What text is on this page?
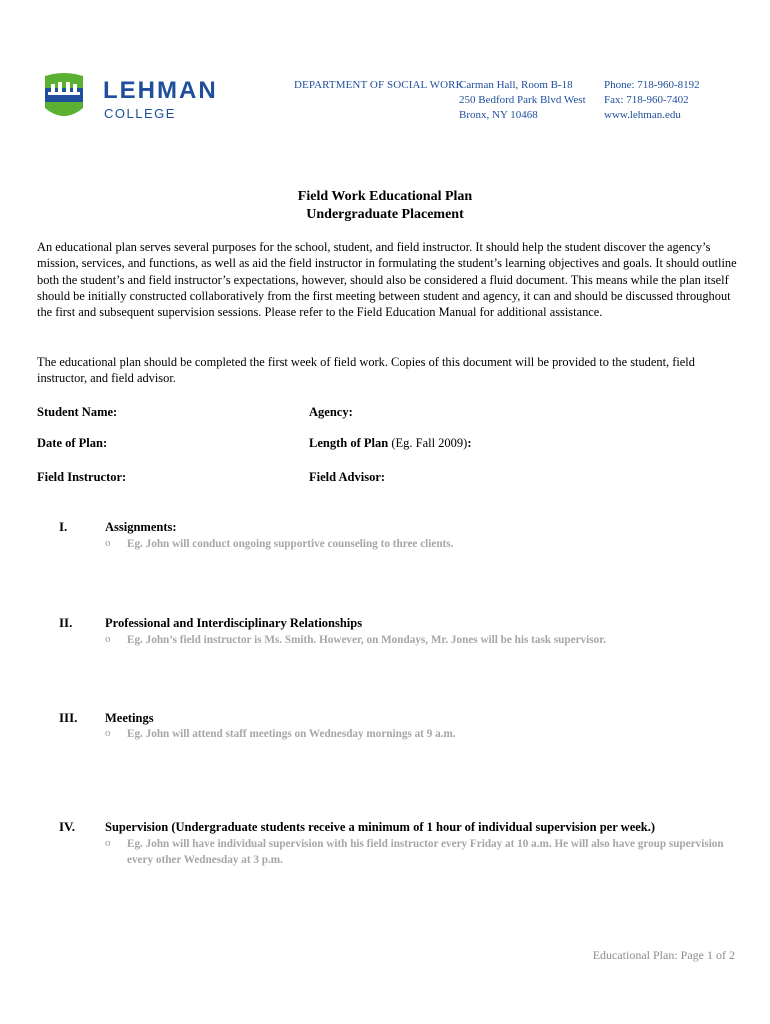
LEHMAN
COLLEGE
DEPARTMENT OF SOCIAL WORK
Carman Hall, Room B-18
250 Bedford Park Blvd West
Bronx, NY 10468
Phone: 718-960-8192
Fax: 718-960-7402
www.lehman.edu
Field Work Educational Plan
Undergraduate Placement
An educational plan serves several purposes for the school, student, and field instructor. It should help the student discover the agency’s mission, services, and functions, as well as aid the field instructor in formulating the student’s learning objectives and goals. It should outline both the student’s and field instructor’s expectations, however, should also be considered a fluid document. This means while the plan itself should be initially constructed collaboratively from the first meeting between student and agency, it can and should be discussed throughout the first and subsequent supervision sessions. Please refer to the Field Education Manual for additional assistance.
The educational plan should be completed the first week of field work. Copies of this document will be provided to the student, field instructor, and field advisor.
Student Name:	Agency:
Date of Plan:	Length of Plan (Eg. Fall 2009):
Field Instructor:	Field Advisor:
I.	Assignments:
o Eg. John will conduct ongoing supportive counseling to three clients.
II.	Professional and Interdisciplinary Relationships
o Eg. John’s field instructor is Ms. Smith. However, on Mondays, Mr. Jones will be his task supervisor.
III. Meetings
o Eg. John will attend staff meetings on Wednesday mornings at 9 a.m.
IV. Supervision (Undergraduate students receive a minimum of 1 hour of individual supervision per week.)
o Eg. John will have individual supervision with his field instructor every Friday at 10 a.m. He will also have group supervision every other Wednesday at 3 p.m.
Educational Plan: Page 1 of 2
